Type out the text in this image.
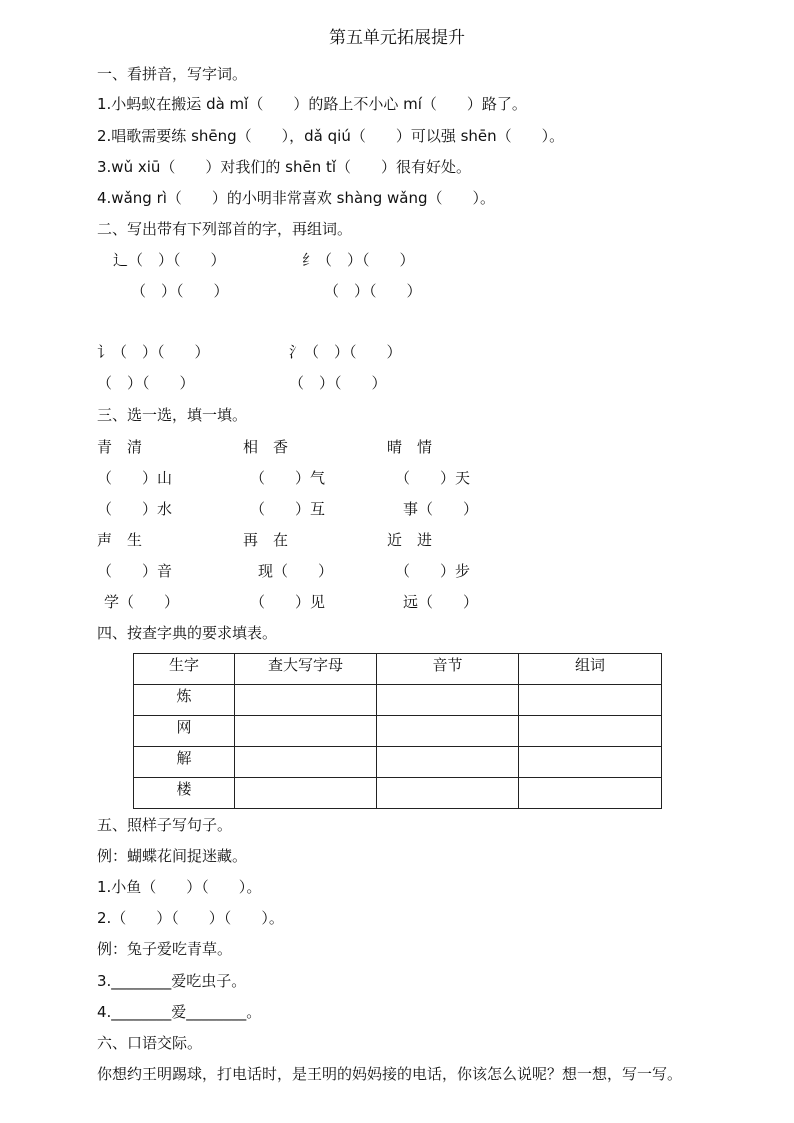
第五单元拓展提升
一、看拼音，写字词。
1.小蚂蚁在搬运 dà mǐ（　　）的路上不小心 mí（　　）路了。
2.唱歌需要练 shēng（　　），dǎ qiú（　　）可以强 shēn（　　）。
3.wǔ xiū（　　）对我们的 shēn tǐ（　　）很有好处。
4.wǎng rì（　　）的小明非常喜欢 shàng wǎng（　　）。
二、写出带有下列部首的字，再组词。
辶（　）（　　）	纟（　）（　　）
（　）（　　）	（　）（　　）
讠（　）（　　）	氵（　）（　　）
（　）（　　）	（　）（　　）
三、选一选，填一填。
青　清	相　香	晴　情
（　　）山	（　　）气	（　　）天
（　　）水	（　　）互	事（　　）
声　生	再　在	近　进
（　　）音	现（　　）	（　　）步
学（　　）	（　　）见	远（　　）
四、按查字典的要求填表。
生字	查大写字母	音节	组词
炼			
网			
解			
楼			
五、照样子写句子。
例：蝴蝶花间捉迷藏。
1.小鱼（　　）（　　）。
2.（　　）（　　）（　　）。
例：兔子爱吃青草。
3.________爱吃虫子。
4.________爱________。
六、口语交际。
你想约王明踢球，打电话时，是王明的妈妈接的电话，你该怎么说呢？想一想，写一写。
